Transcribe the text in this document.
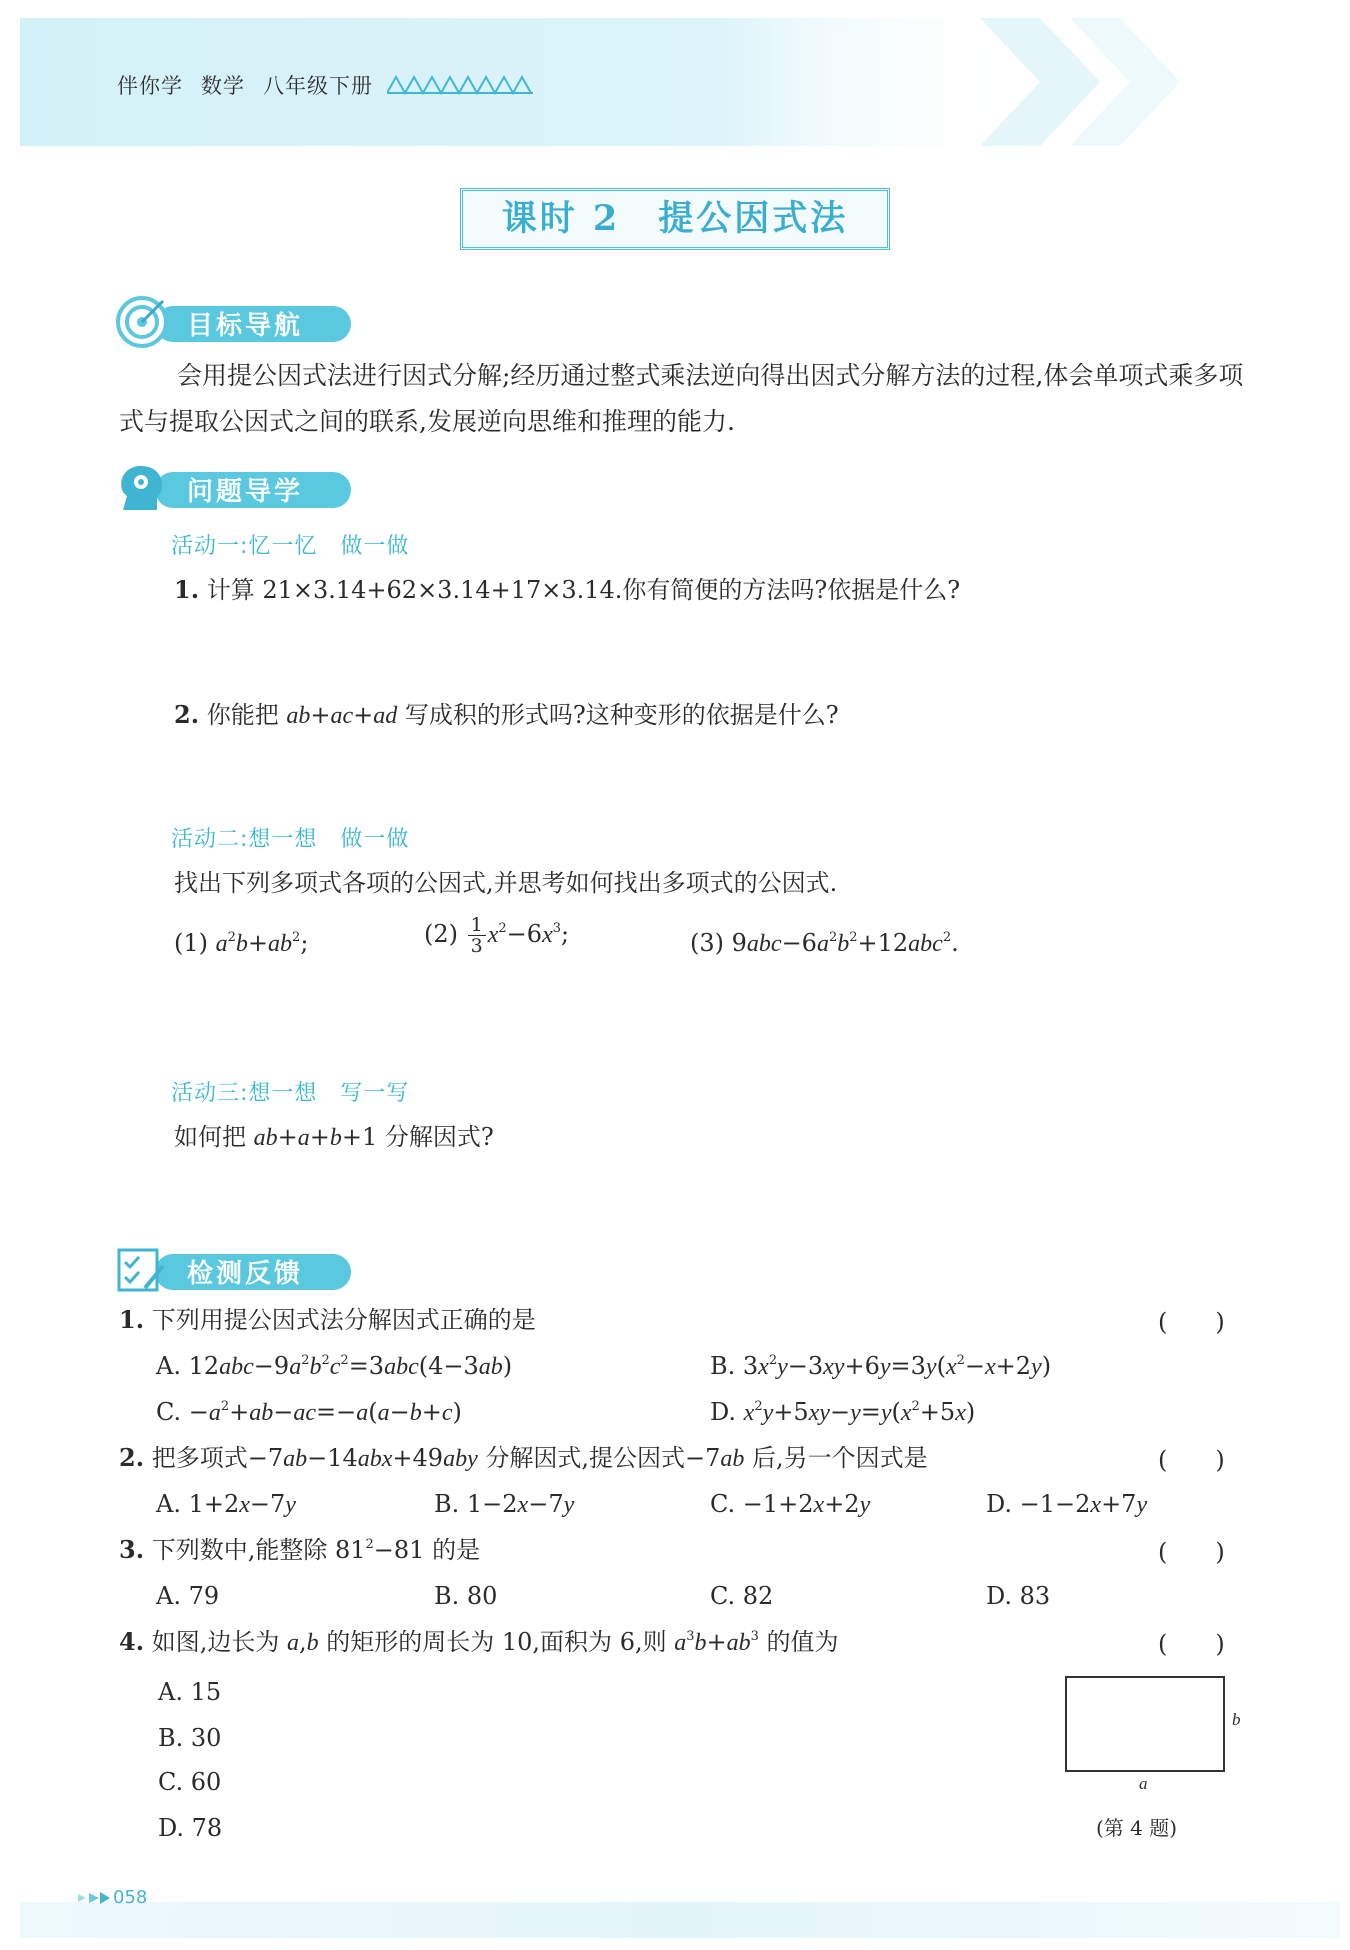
伴你学 数学 八年级下册
课时 2　提公因式法
目标导航
会用提公因式法进行因式分解;经历通过整式乘法逆向得出因式分解方法的过程,体会单项式乘多项式与提取公因式之间的联系,发展逆向思维和推理的能力.
问题导学
活动一:忆一忆　做一做
1. 计算 21×3.14+62×3.14+17×3.14.你有简便的方法吗?依据是什么?
2. 你能把 ab+ac+ad 写成积的形式吗?这种变形的依据是什么?
活动二:想一想　做一做
找出下列多项式各项的公因式,并思考如何找出多项式的公因式.
(1) $a^2b+ab^2$;	$(2) \frac{1}{3} x^2-6x^3$;	(3) $9abc-6a^2b^2+12abc^2$.
活动三:想一想　写一写
如何把 ab+a+b+1 分解因式?
检测反馈
1. 下列用提公因式法分解因式正确的是	(　　)
A. $12abc-9a^2b^2c^2=3abc(4-3ab)$	B. $3x^2y-3xy+6y=3y(x^2-x+2y)$
C. $-a^2+ab-ac=-a(a-b+c)$	D. $x^2y+5xy-y=y(x^2+5x)$
2. 把多项式−7ab−14abx+49aby 分解因式,提公因式−7ab 后,另一个因式是	(　　)
A. 1+2x−7y	B. 1−2x−7y	C. −1+2x+2y	D. −1−2x+7y
3. 下列数中,能整除 $81^2-81$ 的是	(　　)
A. 79	B. 80	C. 82	D. 83
4. 如图,边长为 a,b 的矩形的周长为 10,面积为 6,则 $a^3b+ab^3$ 的值为	(　　)
A. 15
B. 30
C. 60
D. 78
b
a
(第 4 题)
058
